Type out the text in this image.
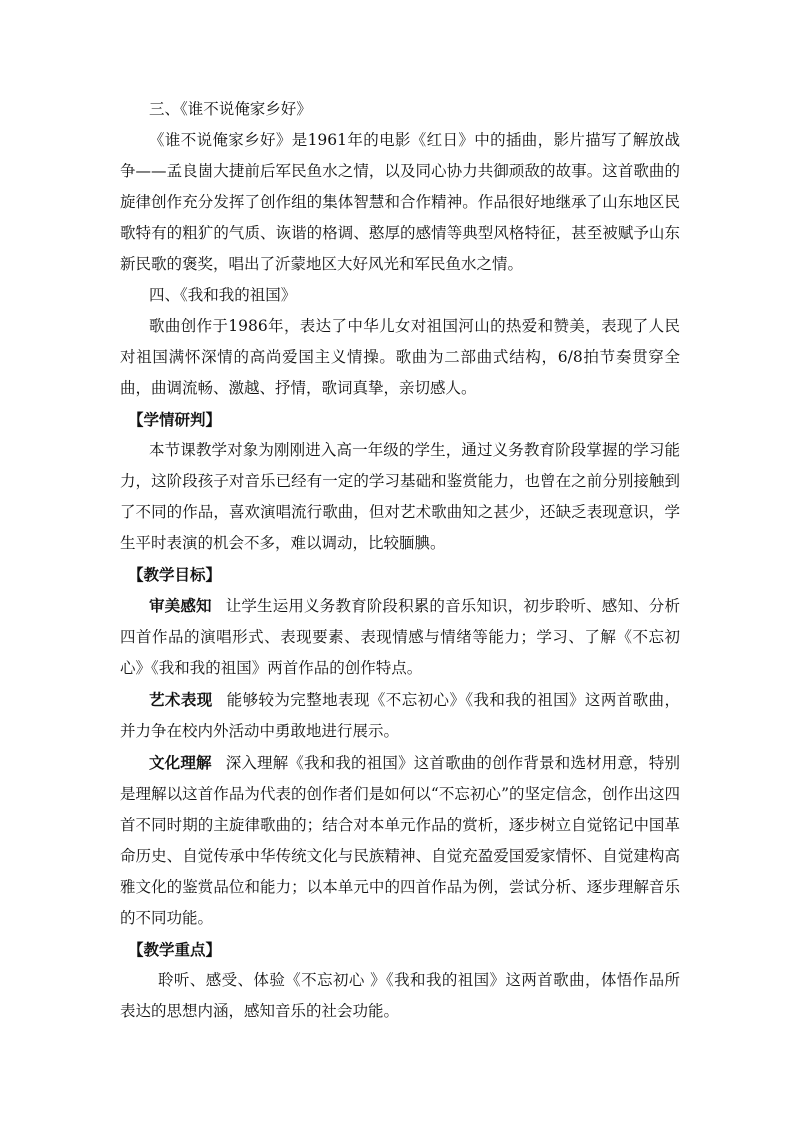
三、《谁不说俺家乡好》

《谁不说俺家乡好》是1961年的电影《红日》中的插曲，影片描写了解放战争——孟良崮大捷前后军民鱼水之情，以及同心协力共御顽敌的故事。这首歌曲的旋律创作充分发挥了创作组的集体智慧和合作精神。作品很好地继承了山东地区民歌特有的粗犷的气质、诙谐的格调、憨厚的感情等典型风格特征，甚至被赋予山东新民歌的褒奖，唱出了沂蒙地区大好风光和军民鱼水之情。

四、《我和我的祖国》

歌曲创作于1986年，表达了中华儿女对祖国河山的热爱和赞美，表现了人民对祖国满怀深情的高尚爱国主义情操。歌曲为二部曲式结构，6/8拍节奏贯穿全曲，曲调流畅、激越、抒情，歌词真挚，亲切感人。

【学情研判】

本节课教学对象为刚刚进入高一年级的学生，通过义务教育阶段掌握的学习能力，这阶段孩子对音乐已经有一定的学习基础和鉴赏能力，也曾在之前分别接触到了不同的作品，喜欢演唱流行歌曲，但对艺术歌曲知之甚少，还缺乏表现意识，学生平时表演的机会不多，难以调动，比较腼腆。

【教学目标】

审美感知 让学生运用义务教育阶段积累的音乐知识，初步聆听、感知、分析四首作品的演唱形式、表现要素、表现情感与情绪等能力；学习、了解《不忘初心》《我和我的祖国》两首作品的创作特点。

艺术表现 能够较为完整地表现《不忘初心》《我和我的祖国》这两首歌曲，并力争在校内外活动中勇敢地进行展示。

文化理解 深入理解《我和我的祖国》这首歌曲的创作背景和选材用意，特别是理解以这首作品为代表的创作者们是如何以“不忘初心”的坚定信念，创作出这四首不同时期的主旋律歌曲的；结合对本单元作品的赏析，逐步树立自觉铭记中国革命历史、自觉传承中华传统文化与民族精神、自觉充盈爱国爱家情怀、自觉建构高雅文化的鉴赏品位和能力；以本单元中的四首作品为例，尝试分析、逐步理解音乐的不同功能。

【教学重点】

聆听、感受、体验《不忘初心 》《我和我的祖国》这两首歌曲，体悟作品所表达的思想内涵，感知音乐的社会功能。
